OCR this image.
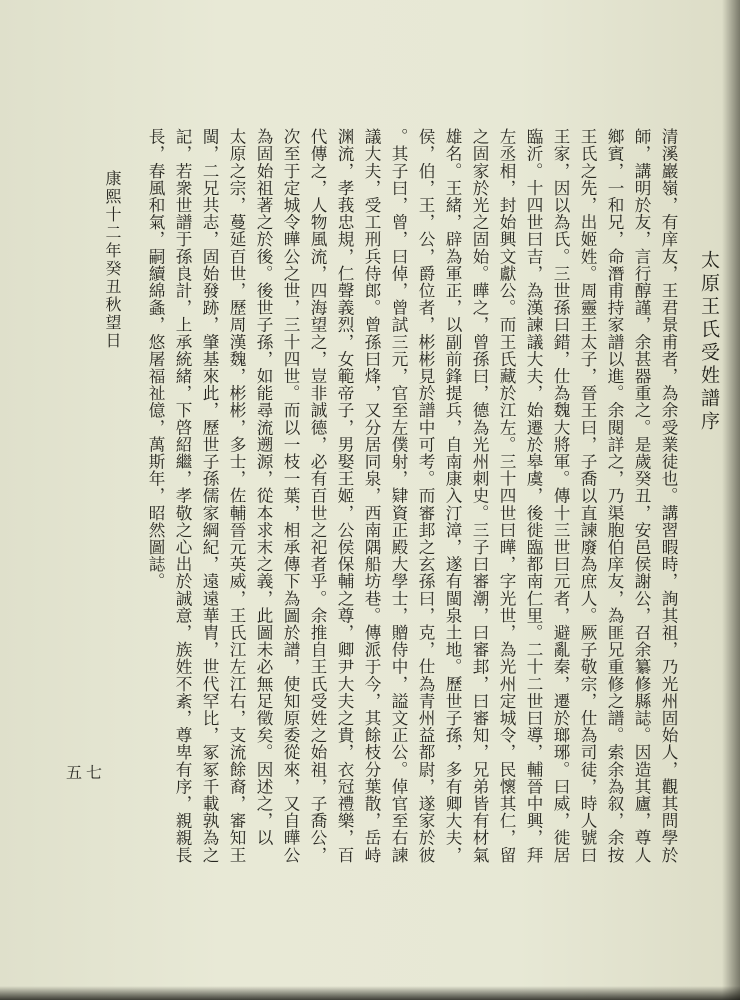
太原王氏受姓譜序
清溪巖嶺，有庠友，王君景甫者，為余受業徒也。講習暇時，詢其祖，乃光州固始人，觀其問學於
師，講明於友，言行醇謹，余甚器重之。是歲癸丑，安邑侯謝公，召余纂修縣誌。因造其廬，尊人
鄉賓，一和兄，命潛甫持家譜以進。余閱詳之，乃渠胞伯庠友，為匪兄重修之譜。索余為叙，余按
王氏之先，出姬姓。周靈王太子，晉王曰，子喬以直諫廢為庶人。厥子敬宗，仕為司徒，時人號曰
王家，因以為氏。三世孫曰錯，仕為魏大將軍。傳十三世曰元者，避亂秦，遷於瑯琊。曰威，徙居
臨沂。十四世曰吉，為漢諫議大夫，始遷於皋虞，後徙臨都南仁里。二十二世曰導，輔晉中興，拜
左丞相，封始興文獻公。而王氏藏於江左。三十四世曰曄，字光世，為光州定城令，民懷其仁，留
之固家於光之固始。曄之，曾孫曰，德為光州刺史。三子曰審潮，曰審邽，曰審知，兄弟皆有材氣
雄名。王緒，辟為軍正，以副前鋒提兵，自南康入汀漳，遂有閩泉土地。歷世子孫，多有卿大夫，
侯，伯，王，公，爵位者，彬彬見於譜中可考。而審邽之玄孫曰，克，仕為青州益都尉，遂家於彼
。其子曰，曾，曰倬，曾試三元，官至左僕射，肄資正殿大學士，贈侍中，謚文正公。倬官至右諫
議大夫，受工刑兵侍郎。曾孫曰烽，又分居同泉，西南隅船坊巷。傳派于今，其餘枝分葉散，岳峙
渊流，孝莪忠規，仁聲義烈，女範帝子，男娶王姬，公侯保輔之尊，卿尹大夫之貴，衣冠禮樂，百
代傳之，人物風流，四海望之，豈非誠德，必有百世之祀者乎。余推自王氏受姓之始祖，子喬公，
次至于定城令曄公之世，三十四世。而以一枝一葉，相承傳下為圖於譜，使知原委從來，又自曄公
為固始祖著之於後。後世子孫，如能尋流遡源，從本求末之義，此圖未必無足徵矣。因述之，以
太原之宗，蔓延百世，歷周漢魏，彬彬，多士，佐輔晉元英威，王氏江左江右，支流餘裔，審知王
閩，二兄共志，固始發跡，肇基來此，歷世子孫儒家綱紀，遠遠華胄，世代罕比，冢冢千載孰為之
記，若衆世譜于孫良計，上承統緒，下啓紹繼，孝敬之心出於誠意，族姓不紊，尊卑有序，親親長
長，春風和氣，嗣續綿螽，悠屠福祉億，萬斯年，昭然圖誌。
康熙十二年癸丑秋望日
五七
